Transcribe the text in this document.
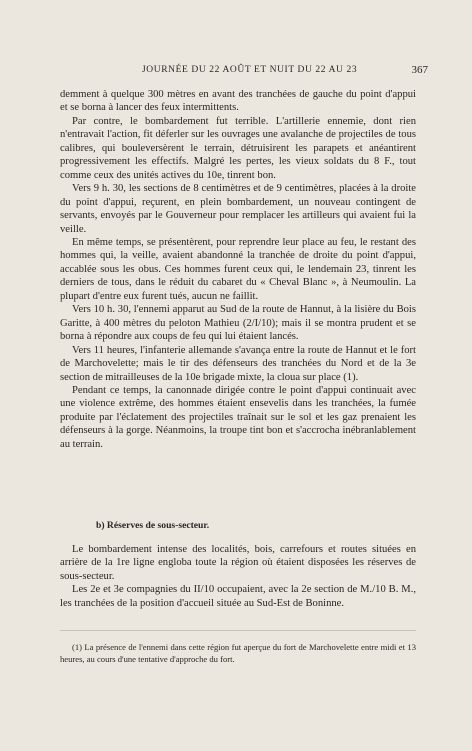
JOURNÉE DU 22 AOÛT ET NUIT DU 22 AU 23	367

demment à quelque 300 mètres en avant des tranchées de gauche du point d'appui et se borna à lancer des feux intermittents.

Par contre, le bombardement fut terrible. L'artillerie ennemie, dont rien n'entravait l'action, fit déferler sur les ouvrages une avalanche de projectiles de tous calibres, qui bouleversèrent le terrain, détruisirent les parapets et anéantirent progressivement les effectifs. Malgré les pertes, les vieux soldats du 8 F., tout comme ceux des unités actives du 10e, tinrent bon.

Vers 9 h. 30, les sections de 8 centimètres et de 9 centimètres, placées à la droite du point d'appui, reçurent, en plein bombardement, un nouveau contingent de servants, envoyés par le Gouverneur pour remplacer les artilleurs qui avaient fui la veille.

En même temps, se présentèrent, pour reprendre leur place au feu, le restant des hommes qui, la veille, avaient abandonné la tranchée de droite du point d'appui, accablée sous les obus. Ces hommes furent ceux qui, le lendemain 23, tinrent les derniers de tous, dans le réduit du cabaret du « Cheval Blanc », à Neumoulin. La plupart d'entre eux furent tués, aucun ne faillit.

Vers 10 h. 30, l'ennemi apparut au Sud de la route de Hannut, à la lisière du Bois Garitte, à 400 mètres du peloton Mathieu (2/I/10); mais il se montra prudent et se borna à répondre aux coups de feu qui lui étaient lancés.

Vers 11 heures, l'infanterie allemande s'avança entre la route de Hannut et le fort de Marchovelette; mais le tir des défenseurs des tranchées du Nord et de la 3e section de mitrailleuses de la 10e brigade mixte, la cloua sur place (1).

Pendant ce temps, la canonnade dirigée contre le point d'appui continuait avec une violence extrême, des hommes étaient ensevelis dans les tranchées, la fumée produite par l'éclatement des projectiles traînait sur le sol et les gaz prenaient les défenseurs à la gorge. Néanmoins, la troupe tint bon et s'accrocha inébranlablement au terrain.

b) Réserves de sous-secteur.

Le bombardement intense des localités, bois, carrefours et routes situées en arrière de la 1re ligne engloba toute la région où étaient disposées les réserves de sous-secteur.

Les 2e et 3e compagnies du II/10 occupaient, avec la 2e section de M./10 B. M., les tranchées de la position d'accueil située au Sud-Est de Boninne.

(1) La présence de l'ennemi dans cette région fut aperçue du fort de Marchovelette entre midi et 13 heures, au cours d'une tentative d'approche du fort.
